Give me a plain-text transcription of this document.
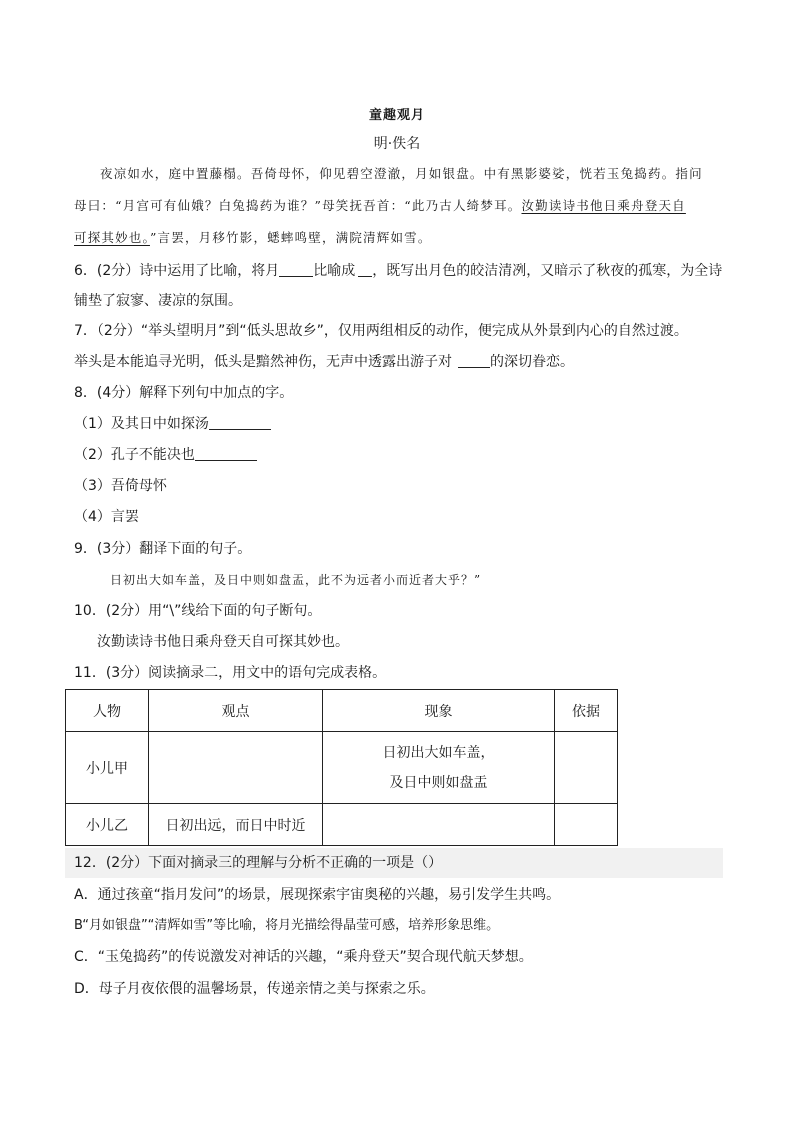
童趣观月
明·佚名
夜凉如水，庭中置藤榻。吾倚母怀，仰见碧空澄澈，月如银盘。中有黑影婆娑，恍若玉兔捣药。指问
母曰：“月宫可有仙娥？白兔捣药为谁？”母笑抚吾首：“此乃古人绮梦耳。汝勤读诗书他日乘舟登天自
可探其妙也。”言罢，月移竹影，蟋蟀鸣壁，满院清辉如雪。
6．(2分）诗中运用了比喻，将月 比喻成 ，既写出月色的皎洁清冽，又暗示了秋夜的孤寒，为全诗
铺垫了寂寥、凄凉的氛围。
7．（2分）“举头望明月”到“低头思故乡”，仅用两组相反的动作，便完成从外景到内心的自然过渡。
举头是本能追寻光明，低头是黯然神伤，无声中透露出游子对	的深切眷恋。
8．(4分）解释下列句中加点的字。
（1）及其日中如探汤
（2）孔子不能决也
（3）吾倚母怀
（4）言罢
9．(3分）翻译下面的句子。
日初出大如车盖，及日中则如盘盂，此不为远者小而近者大乎？”
10．(2分）用“\”线给下面的句子断句。
汝勤读诗书他日乘舟登天自可探其妙也。
11．(3分）阅读摘录二，用文中的语句完成表格。
人物	观点	现象	依据
小儿甲		日初出大如车盖，
及日中则如盘盂	

小儿乙	日初出远，而日中时近		
12．(2分）下面对摘录三的理解与分析不正确的一项是（）
A．通过孩童“指月发问”的场景，展现探索宇宙奥秘的兴趣，易引发学生共鸣。
B“月如银盘”“清辉如雪”等比喻，将月光描绘得晶莹可感，培养形象思维。
C．“玉兔捣药”的传说激发对神话的兴趣，“乘舟登天”契合现代航天梦想。
D．母子月夜依偎的温馨场景，传递亲情之美与探索之乐。
